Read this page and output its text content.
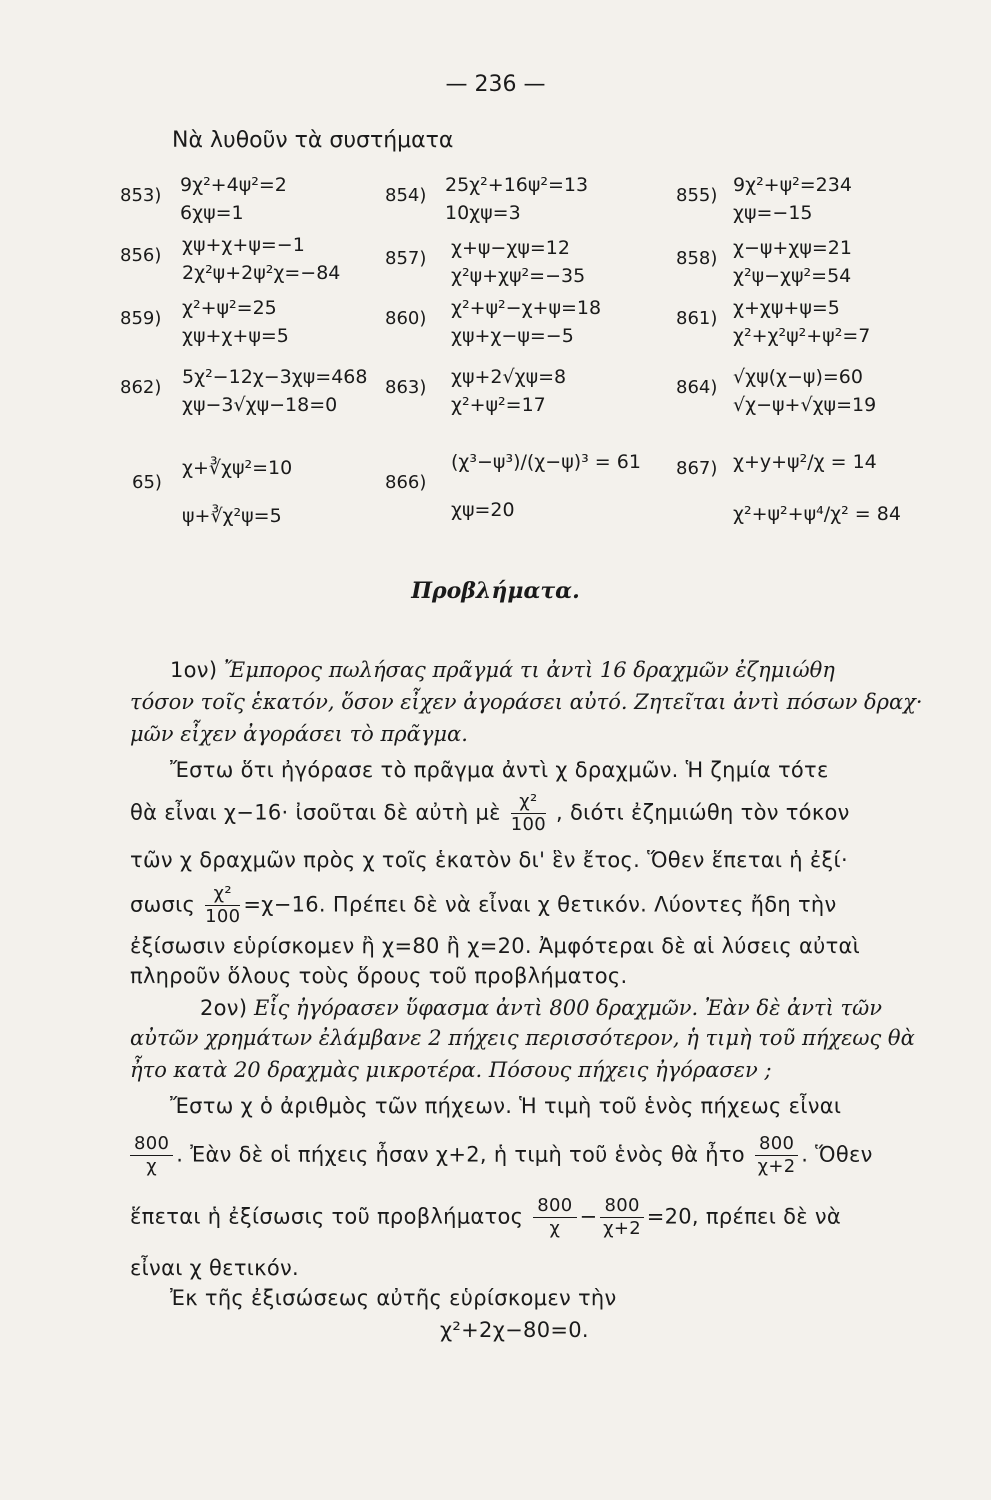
— 236 —
Νὰ λυθοῦν τὰ συστήματα
853) 9χ²+4ψ²=2
6χψ=1
854) 25χ²+16ψ²=13
10χψ=3
855) 9χ²+ψ²=234
χψ=−15
856) χψ+χ+ψ=−1
2χ²ψ+2ψ²χ=−84
857) χ+ψ−χψ=12
χ²ψ+χψ²=−35
858) χ−ψ+χψ=21
χ²ψ−χψ²=54
859) χ²+ψ²=25
χψ+χ+ψ=5
860) χ²+ψ²−χ+ψ=18
χψ+χ−ψ=−5
861) χ+χψ+ψ=5
χ²+χ²ψ²+ψ²=7
862) 5χ²−12χ−3χψ=468
χψ−3√χψ−18=0
863) χψ+2√χψ=8
χ²+ψ²=17
864) √χψ(χ−ψ)=60
√χ−ψ+√χψ=19
65)
χ+∛χψ²=10
ψ+∛χ²ψ=5
866)
(χ³−ψ³)/(χ−ψ)³ = 61
χψ=20
867) χ+y+ψ²/χ = 14
χ²+ψ²+ψ⁴/χ² = 84
Προβλήματα.
1ον) Ἔμπορος πωλήσας πρᾶγμά τι ἀντὶ 16 δραχμῶν ἐζημιώθη
τόσον τοῖς ἑκατόν, ὅσον εἶχεν ἀγοράσει αὐτό. Ζητεῖται ἀντὶ πόσων δραχ·
μῶν εἶχεν ἀγοράσει τὸ πρᾶγμα.
Ἔστω ὅτι ἠγόρασε τὸ πρᾶγμα ἀντὶ χ δραχμῶν. Ἡ ζημία τότε
θὰ εἶναι χ−16· ἰσοῦται δὲ αὐτὴ μὲ $\frac{\text{χ²}}{100}$ , διότι ἐζημιώθη τὸν τόκον
τῶν χ δραχμῶν πρὸς χ τοῖς ἑκατὸν δι' ἓν ἔτος. Ὅθεν ἕπεται ἡ ἐξί·
σωσις $\frac{\text{χ²}}{100} =\chi-16$. Πρέπει δὲ νὰ εἶναι χ θετικόν. Λύοντες ἤδη τὴν
ἐξίσωσιν εὑρίσκομεν ἢ χ=80 ἢ χ=20. Ἀμφότεραι δὲ αἱ λύσεις αὐταὶ
πληροῦν ὅλους τοὺς ὅρους τοῦ προβλήματος.
2ον) Εἷς ἠγόρασεν ὕφασμα ἀντὶ 800 δραχμῶν. Ἐὰν δὲ ἀντὶ τῶν
αὐτῶν χρημάτων ἐλάμβανε 2 πήχεις περισσότερον, ἡ τιμὴ τοῦ πήχεως θὰ
ἦτο κατὰ 20 δραχμὰς μικροτέρα. Πόσους πήχεις ἠγόρασεν ;
Ἔστω χ ὁ ἀριθμὸς τῶν πήχεων. Ἡ τιμὴ τοῦ ἑνὸς πήχεως εἶναι
$\frac{800}{\chi}$ . Ἐὰν δὲ οἱ πήχεις ἦσαν χ+2, ἡ τιμὴ τοῦ ἑνὸς θὰ ἦτο $\frac{800}{\chi+2}$ . Ὅθεν
ἕπεται ἡ ἐξίσωσις τοῦ προβλήματος $\frac{800}{\chi} - \frac{800}{\chi+2} =20$, πρέπει δὲ νὰ
εἶναι χ θετικόν.
Ἐκ τῆς ἐξισώσεως αὐτῆς εὑρίσκομεν τὴν
χ²+2χ−80=0.
